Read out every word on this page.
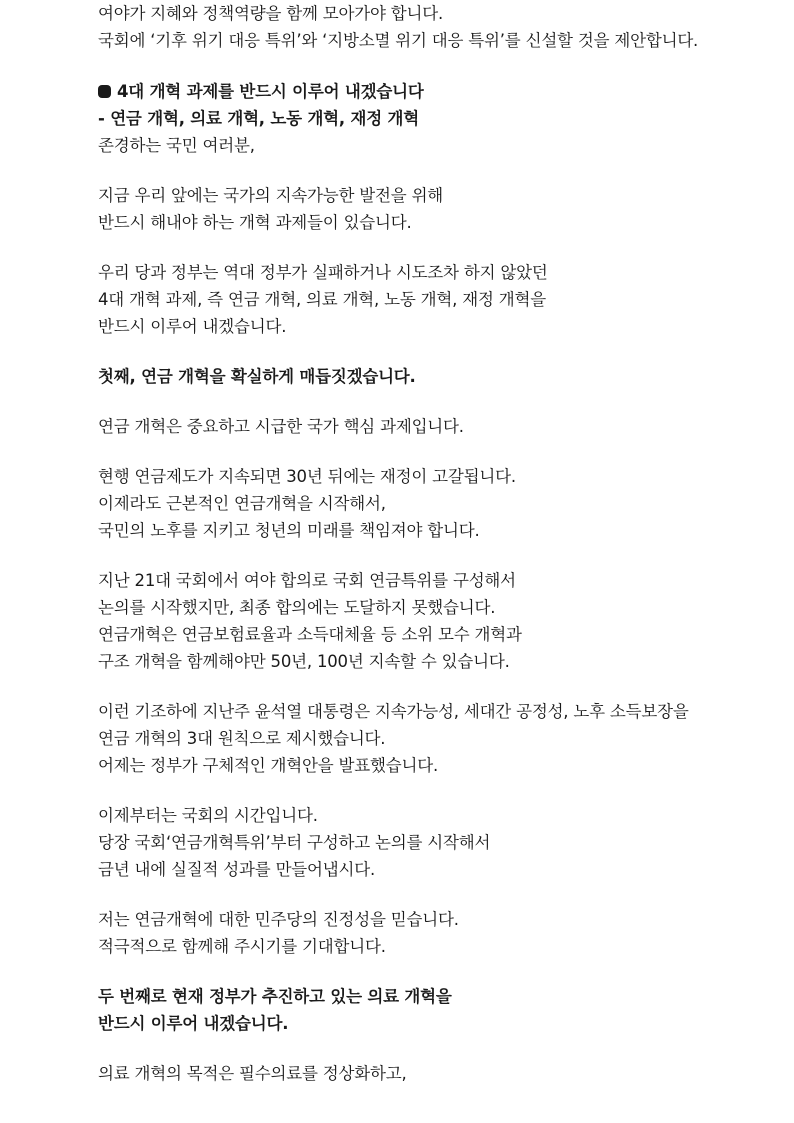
여야가 지혜와 정책역량을 함께 모아가야 합니다.
국회에 ‘기후 위기 대응 특위’와 ‘지방소멸 위기 대응 특위’를 신설할 것을 제안합니다.
4대 개혁 과제를 반드시 이루어 내겠습니다
- 연금 개혁, 의료 개혁, 노동 개혁, 재정 개혁
존경하는 국민 여러분,
지금 우리 앞에는 국가의 지속가능한 발전을 위해
반드시 해내야 하는 개혁 과제들이 있습니다.
우리 당과 정부는 역대 정부가 실패하거나 시도조차 하지 않았던
4대 개혁 과제, 즉 연금 개혁, 의료 개혁, 노동 개혁, 재정 개혁을
반드시 이루어 내겠습니다.
첫째, 연금 개혁을 확실하게 매듭짓겠습니다.
연금 개혁은 중요하고 시급한 국가 핵심 과제입니다.
현행 연금제도가 지속되면 30년 뒤에는 재정이 고갈됩니다.
이제라도 근본적인 연금개혁을 시작해서,
국민의 노후를 지키고 청년의 미래를 책임져야 합니다.
지난 21대 국회에서 여야 합의로 국회 연금특위를 구성해서
논의를 시작했지만, 최종 합의에는 도달하지 못했습니다.
연금개혁은 연금보험료율과 소득대체율 등 소위 모수 개혁과
구조 개혁을 함께해야만 50년, 100년 지속할 수 있습니다.
이런 기조하에 지난주 윤석열 대통령은 지속가능성, 세대간 공정성, 노후 소득보장을
연금 개혁의 3대 원칙으로 제시했습니다.
어제는 정부가 구체적인 개혁안을 발표했습니다.
이제부터는 국회의 시간입니다.
당장 국회‘연금개혁특위’부터 구성하고 논의를 시작해서
금년 내에 실질적 성과를 만들어냅시다.
저는 연금개혁에 대한 민주당의 진정성을 믿습니다.
적극적으로 함께해 주시기를 기대합니다.
두 번째로 현재 정부가 추진하고 있는 의료 개혁을
반드시 이루어 내겠습니다.
의료 개혁의 목적은 필수의료를 정상화하고,
